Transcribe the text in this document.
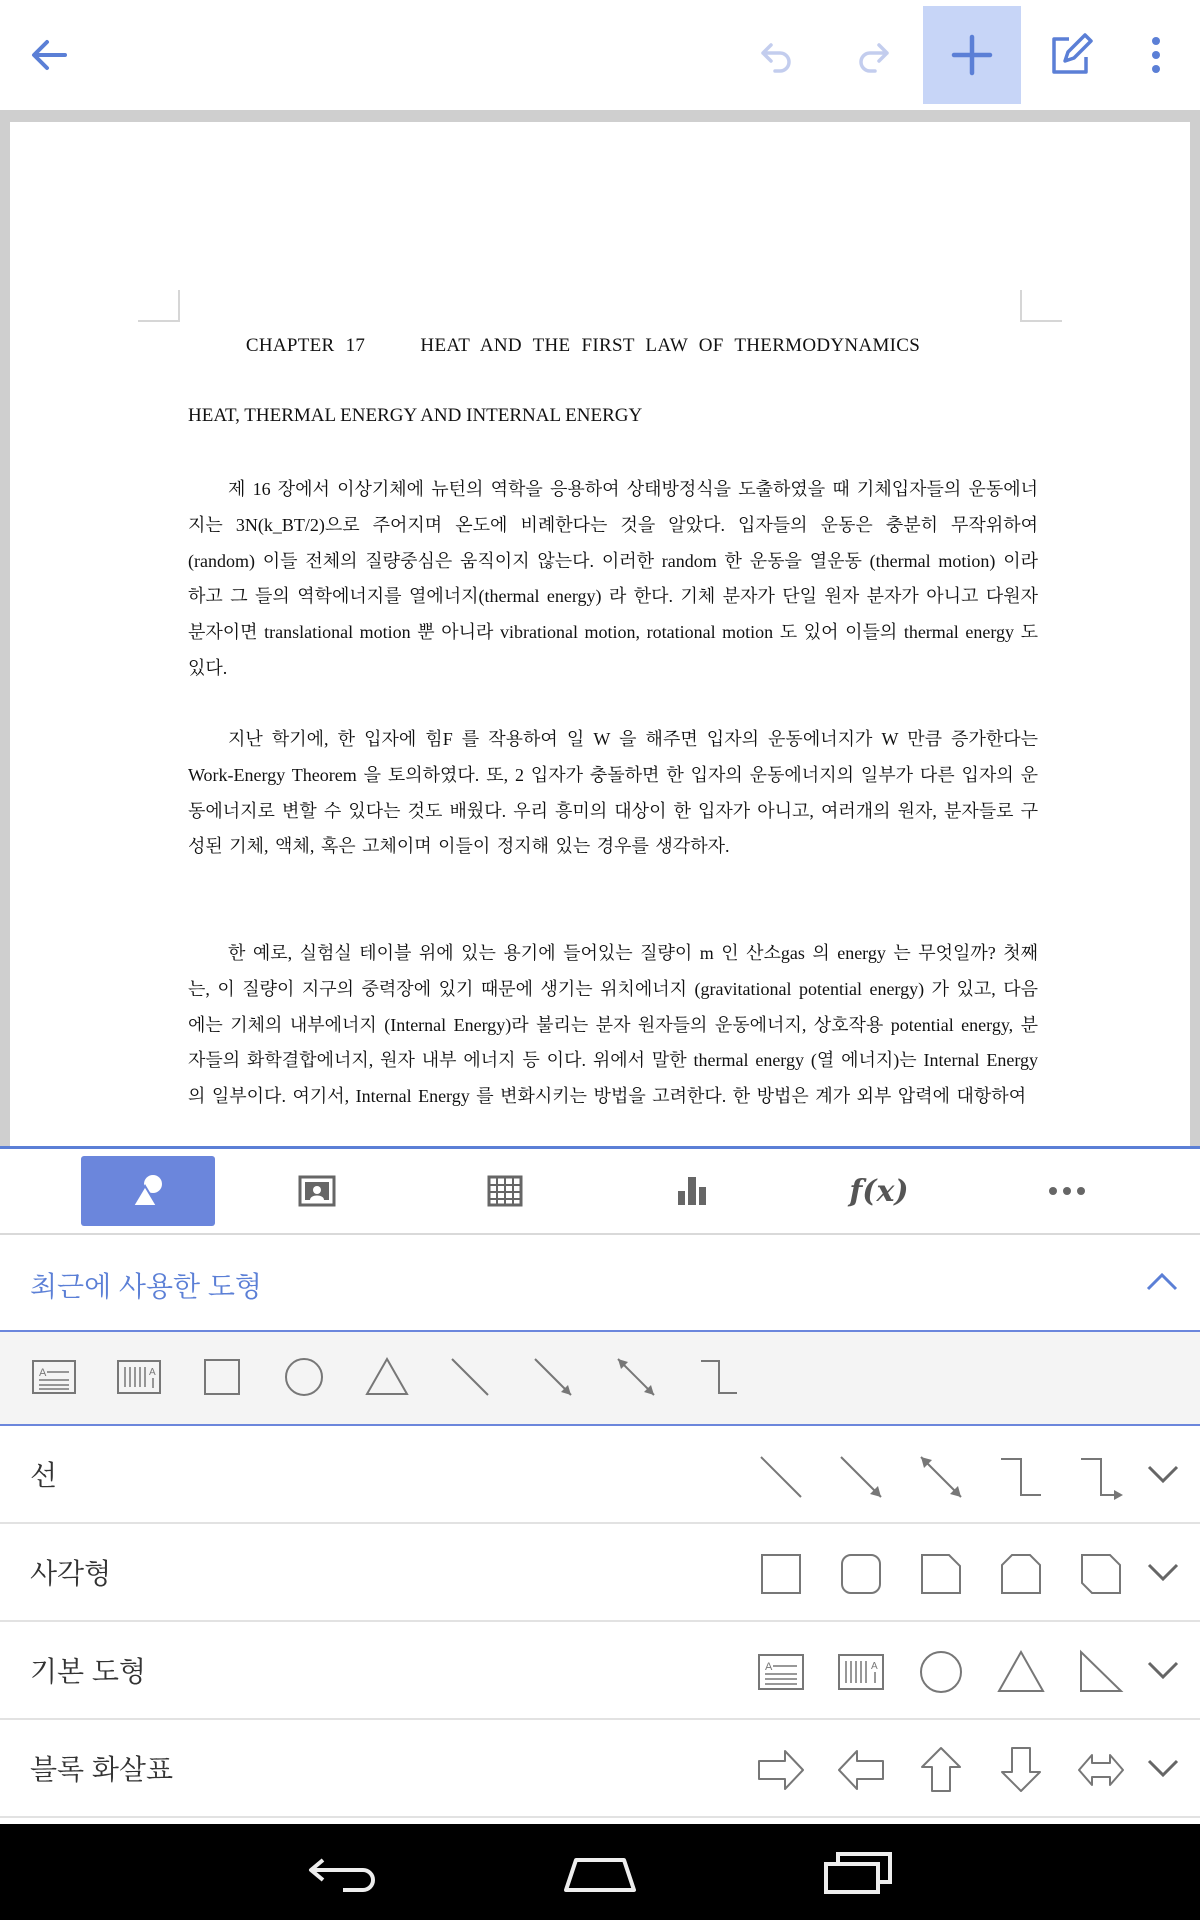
CHAPTER 17     HEAT AND THE FIRST LAW OF THERMODYNAMICS
HEAT, THERMAL ENERGY AND INTERNAL ENERGY
제 16 장에서 이상기체에 뉴턴의 역학을 응용하여 상태방정식을 도출하였을 때 기체입자들의 운동에너지는 3N(k_BT/2)으로 주어지며 온도에 비례한다는 것을 알았다. 입자들의 운동은 충분히 무작위하여(random) 이들 전체의 질량중심은 움직이지 않는다. 이러한 random 한 운동을 열운동 (thermal motion) 이라 하고 그 들의 역학에너지를 열에너지(thermal energy) 라 한다. 기체 분자가 단일 원자 분자가 아니고 다원자 분자이면 translational motion 뿐 아니라 vibrational motion, rotational motion 도 있어 이들의 thermal energy 도 있다.
지난 학기에, 한 입자에 힘F 를 작용하여 일 W 을 해주면 입자의 운동에너지가 W 만큼 증가한다는 Work-Energy Theorem 을 토의하였다. 또, 2 입자가 충돌하면 한 입자의 운동에너지의 일부가 다른 입자의 운동에너지로 변할 수 있다는 것도 배웠다. 우리 흥미의 대상이 한 입자가 아니고, 여러개의 원자, 분자들로 구성된 기체, 액체, 혹은 고체이며 이들이 정지해 있는 경우를 생각하자.
한 예로, 실험실 테이블 위에 있는 용기에 들어있는 질량이 m 인 산소gas 의 energy 는 무엇일까? 첫째는, 이 질량이 지구의 중력장에 있기 때문에 생기는 위치에너지 (gravitational potential energy) 가 있고, 다음에는 기체의 내부에너지 (Internal Energy)라 불리는 분자 원자들의 운동에너지, 상호작용 potential energy, 분자들의 화학결합에너지, 원자 내부 에너지 등 이다. 위에서 말한 thermal energy (열 에너지)는 Internal Energy 의 일부이다. 여기서, Internal Energy 를 변화시키는 방법을 고려한다. 한 방법은 계가 외부 압력에 대항하여
f(x)
최근에 사용한 도형
A	A
선
사각형
기본 도형	A	A
블록 화살표
